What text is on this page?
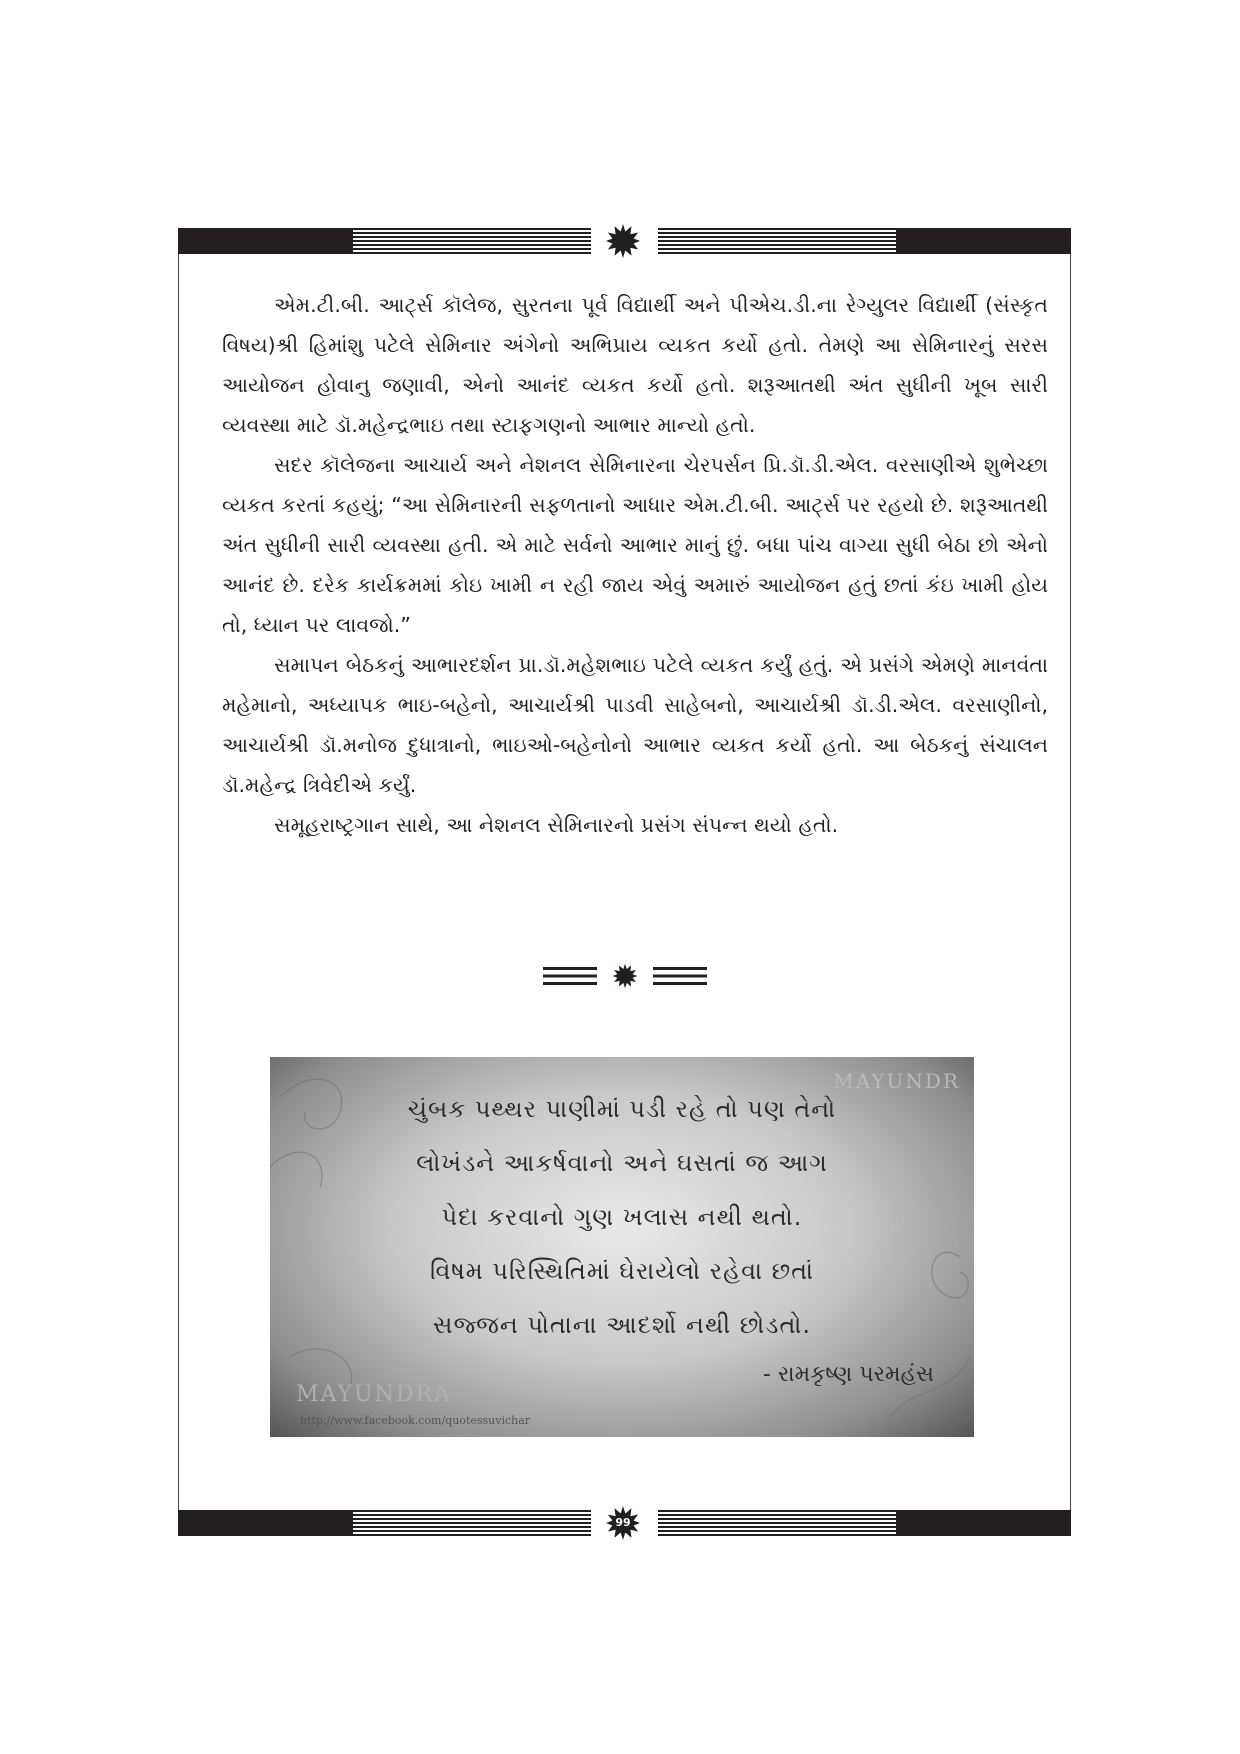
એમ.ટી.બી. આટ્‌ર્સ કૉલેજ, સુરતના પૂર્વ વિદ્યાર્થી અને પીએચ.ડી.ના રેગ્યુલર વિદ્યાર્થી (સંસ્કૃત વિષય)શ્રી હિમાંશુ પટેલે સેમિનાર અંગેનો અભિપ્રાય વ્યકત કર્યો હતો. તેમણે આ સેમિનારનું સરસ આયોજન હોવાનુ જણાવી, એનો આનંદ વ્યકત કર્યો હતો. શરૂઆતથી અંત સુધીની ખૂબ સારી વ્યવસ્થા માટે ડૉ.મહેન્દ્રભાઇ તથા સ્ટાફગણનો આભાર માન્યો હતો.

સદર કૉલેજના આચાર્ય અને નેશનલ સેમિનારના ચેરપર્સન પ્રિ.ડૉ.ડી.એલ. વરસાણીએ શુભેચ્છા વ્યકત કરતાં કહયું; “આ સેમિનારની સફળતાનો આધાર એમ.ટી.બી. આટ્‌ર્સ પર રહયો છે. શરૂઆતથી અંત સુધીની સારી વ્યવસ્થા હતી. એ માટે સર્વનો આભાર માનું છું. બધા પાંચ વાગ્યા સુધી બેઠા છો એનો આનંદ છે. દરેક કાર્યક્રમમાં કોઇ ખામી ન રહી જાય એવું અમારું આયોજન હતું છતાં કંઇ ખામી હોય તો, ધ્યાન પર લાવજો.”

સમાપન બેઠકનું આભારદર્શન પ્રા.ડૉ.મહેશભાઇ પટેલે વ્યકત કર્યું હતું. એ પ્રસંગે એમણે માનવંતા મહેમાનો, અધ્યાપક ભાઇ-બહેનો, આચાર્યશ્રી પાડવી સાહેબનો, આચાર્યશ્રી ડૉ.ડી.એલ. વરસાણીનો, આચાર્યશ્રી ડૉ.મનોજ દુધાત્રાનો, ભાઇઓ-બહેનોનો આભાર વ્યકત કર્યો હતો. આ બેઠકનું સંચાલન ડૉ.મહેન્દ્ર ત્રિવેદીએ કર્યું.

સમૂહરાષ્ટ્રગાન સાથે, આ નેશનલ સેમિનારનો પ્રસંગ સંપન્ન થયો હતો.

MAYUNDR
ચુંબક પથ્થર પાણીમાં પડી રહે તો પણ તેનો
લોખંડને આકર્ષવાનો અને ઘસતાં જ આગ
પેદા કરવાનો ગુણ ખલાસ નથી થતો.
વિષમ પરિસ્થિતિમાં ઘેરાયેલો રહેવા છતાં
સજ્જન પોતાના આદર્શો નથી છોડતો.
- રામકૃષ્ણ પરમહંસ
MAYUNDRA
http://www.facebook.com/quotessuvichar
99
